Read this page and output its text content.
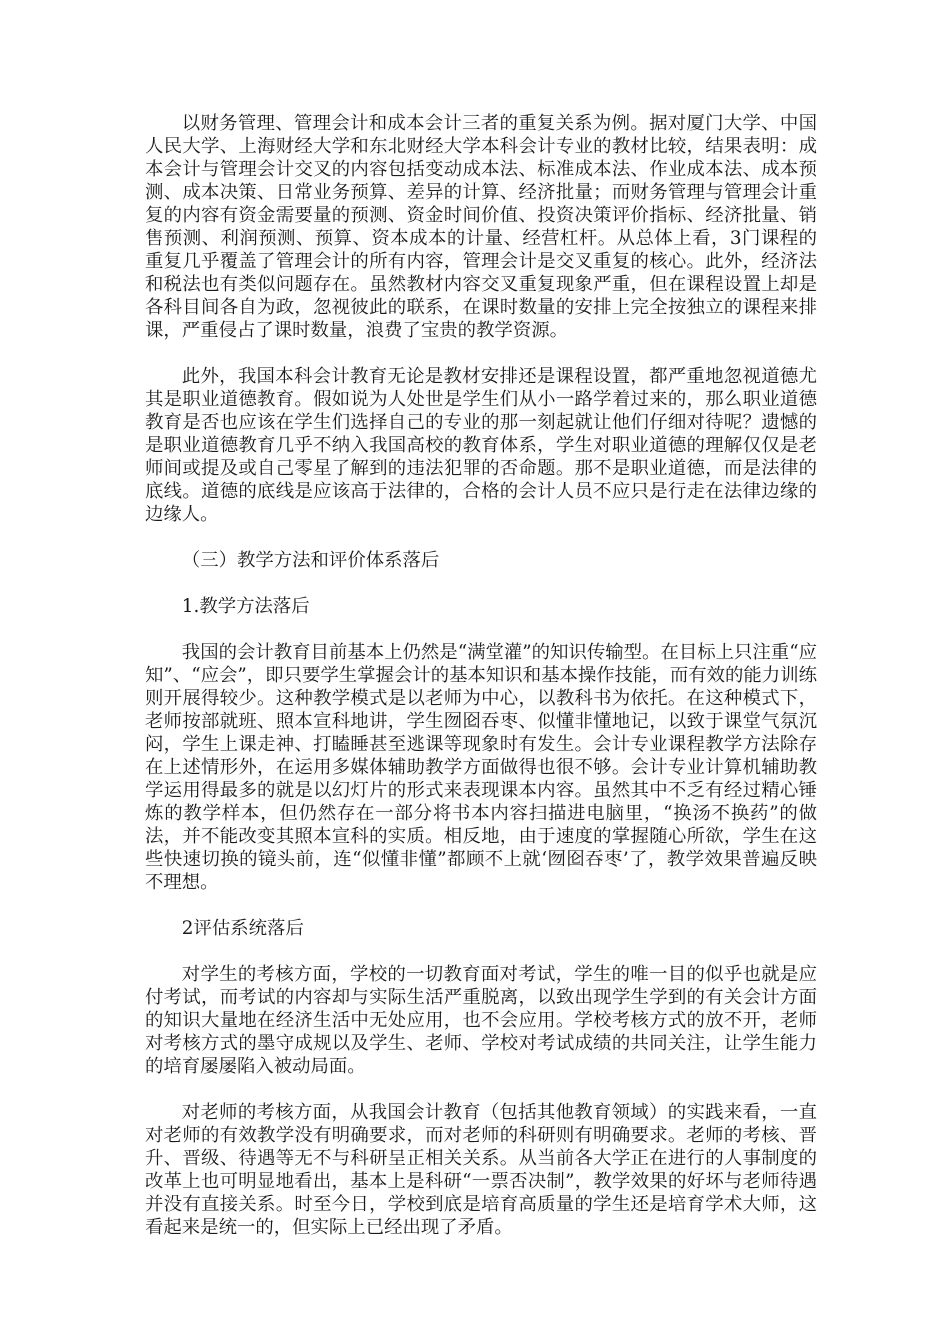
以财务管理、管理会计和成本会计三者的重复关系为例。据对厦门大学、中国人民大学、上海财经大学和东北财经大学本科会计专业的教材比较，结果表明：成本会计与管理会计交叉的内容包括变动成本法、标准成本法、作业成本法、成本预测、成本决策、日常业务预算、差异的计算、经济批量；而财务管理与管理会计重复的内容有资金需要量的预测、资金时间价值、投资决策评价指标、经济批量、销售预测、利润预测、预算、资本成本的计量、经营杠杆。从总体上看，3门课程的重复几乎覆盖了管理会计的所有内容，管理会计是交叉重复的核心。此外，经济法和税法也有类似问题存在。虽然教材内容交叉重复现象严重，但在课程设置上却是各科目间各自为政，忽视彼此的联系，在课时数量的安排上完全按独立的课程来排课，严重侵占了课时数量，浪费了宝贵的教学资源。

此外，我国本科会计教育无论是教材安排还是课程设置，都严重地忽视道德尤其是职业道德教育。假如说为人处世是学生们从小一路学着过来的，那么职业道德教育是否也应该在学生们选择自己的专业的那一刻起就让他们仔细对待呢？遗憾的是职业道德教育几乎不纳入我国高校的教育体系，学生对职业道德的理解仅仅是老师间或提及或自己零星了解到的违法犯罪的否命题。那不是职业道德，而是法律的底线。道德的底线是应该高于法律的，合格的会计人员不应只是行走在法律边缘的边缘人。

（三）教学方法和评价体系落后

1.教学方法落后

我国的会计教育目前基本上仍然是“满堂灌”的知识传输型。在目标上只注重“应知”、“应会”，即只要学生掌握会计的基本知识和基本操作技能，而有效的能力训练则开展得较少。这种教学模式是以老师为中心，以教科书为依托。在这种模式下，老师按部就班、照本宣科地讲，学生囫囵吞枣、似懂非懂地记，以致于课堂气氛沉闷，学生上课走神、打瞌睡甚至逃课等现象时有发生。会计专业课程教学方法除存在上述情形外，在运用多媒体辅助教学方面做得也很不够。会计专业计算机辅助教学运用得最多的就是以幻灯片的形式来表现课本内容。虽然其中不乏有经过精心锤炼的教学样本，但仍然存在一部分将书本内容扫描进电脑里，“换汤不换药”的做法，并不能改变其照本宣科的实质。相反地，由于速度的掌握随心所欲，学生在这些快速切换的镜头前，连“似懂非懂”都顾不上就‘囫囵吞枣’了，教学效果普遍反映不理想。

2评估系统落后

对学生的考核方面，学校的一切教育面对考试，学生的唯一目的似乎也就是应付考试，而考试的内容却与实际生活严重脱离，以致出现学生学到的有关会计方面的知识大量地在经济生活中无处应用，也不会应用。学校考核方式的放不开，老师对考核方式的墨守成规以及学生、老师、学校对考试成绩的共同关注，让学生能力的培育屡屡陷入被动局面。

对老师的考核方面，从我国会计教育（包括其他教育领域）的实践来看，一直对老师的有效教学没有明确要求，而对老师的科研则有明确要求。老师的考核、晋升、晋级、待遇等无不与科研呈正相关关系。从当前各大学正在进行的人事制度的改革上也可明显地看出，基本上是科研“一票否决制”，教学效果的好坏与老师待遇并没有直接关系。时至今日，学校到底是培育高质量的学生还是培育学术大师，这看起来是统一的，但实际上已经出现了矛盾。
